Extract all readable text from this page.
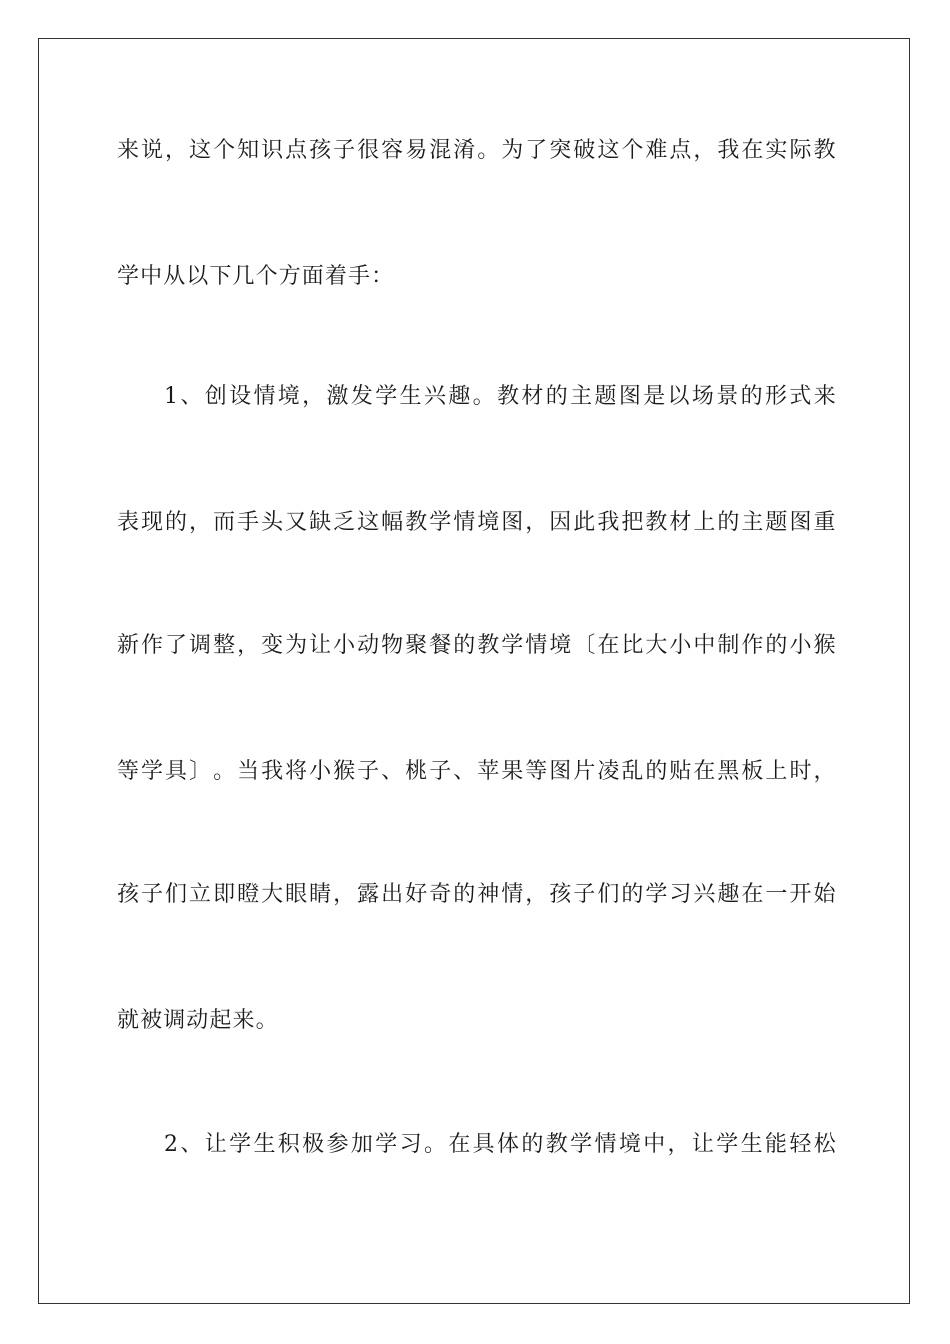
来 说 ， 这 个 知 识 点 孩 子 很 容 易 混 淆 。 为 了 突 破 这 个 难 点 ， 我 在 实 际 教
学中从以下几个方面着手：
1 、 创 设 情 境 ， 激 发 学 生 兴 趣 。 教 材 的 主 题 图 是 以 场 景 的 形 式 来
表 现 的 ， 而 手 头 又 缺 乏 这 幅 教 学 情 境 图 ， 因 此 我 把 教 材 上 的 主 题 图 重
新 作 了 调 整 ， 变 为 让 小 动 物 聚 餐 的 教 学 情 境 〔 在 比 大 小 中 制 作 的 小 猴
等 学 具 〕 。 当 我 将 小 猴 子 、 桃 子 、 苹 果 等 图 片 凌 乱 的 贴 在 黑 板 上 时 ，
孩 子 们 立 即 瞪 大 眼 睛 ， 露 出 好 奇 的 神 情 ， 孩 子 们 的 学 习 兴 趣 在 一 开 始
就被调动起来。
2 、 让 学 生 积 极 参 加 学 习 。 在 具 体 的 教 学 情 境 中 ， 让 学 生 能 轻 松
